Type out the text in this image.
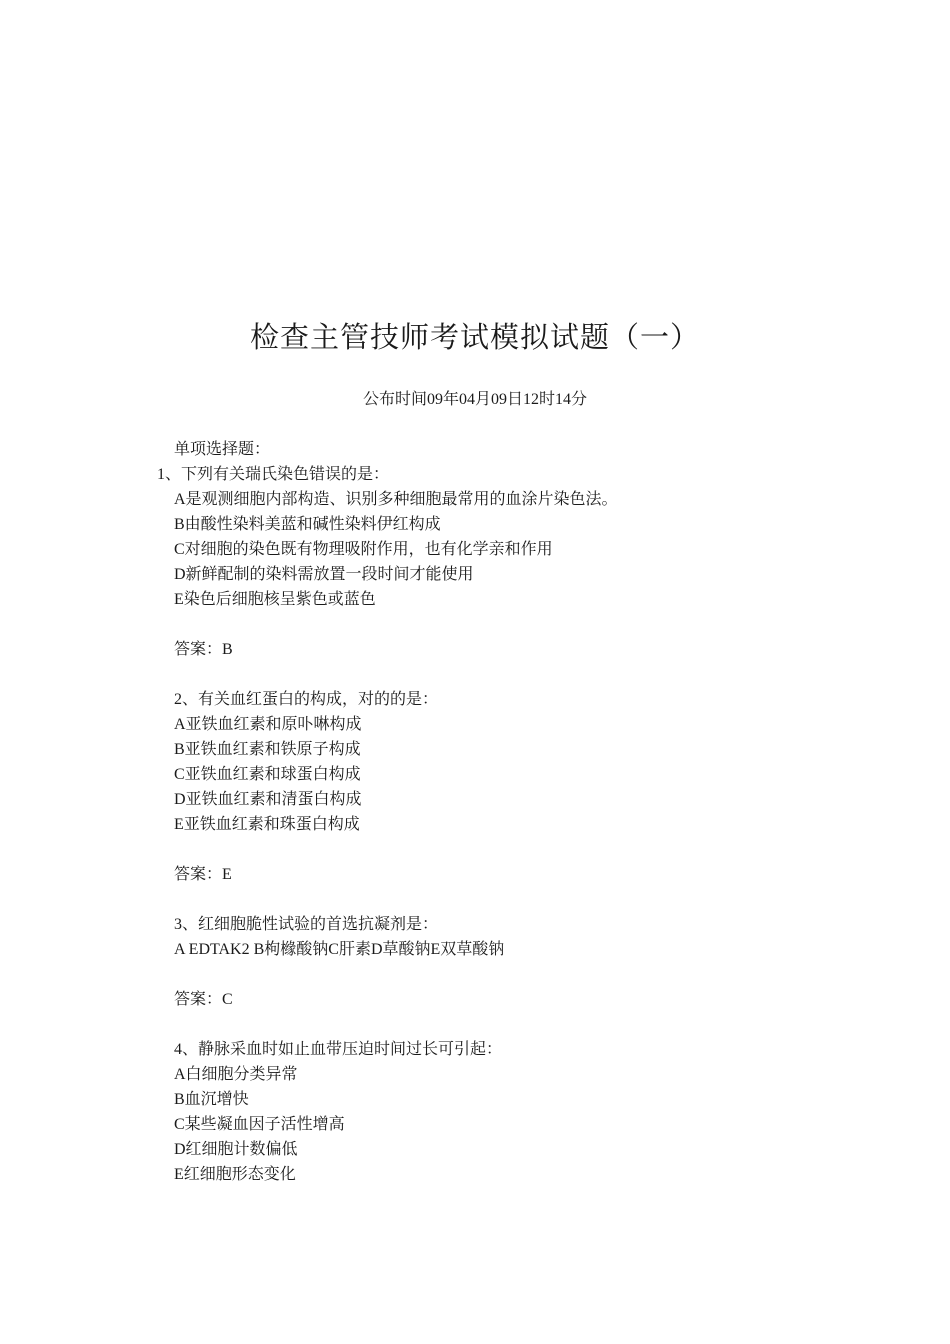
检查主管技师考试模拟试题（一）
公布时间09年04月09日12时14分
单项选择题：
1、下列有关瑞氏染色错误的是：
A是观测细胞内部构造、识别多种细胞最常用的血涂片染色法。
B由酸性染料美蓝和碱性染料伊红构成
C对细胞的染色既有物理吸附作用，也有化学亲和作用
D新鲜配制的染料需放置一段时间才能使用
E染色后细胞核呈紫色或蓝色
答案：B
2、有关血红蛋白的构成，对的的是：
A亚铁血红素和原卟啉构成
B亚铁血红素和铁原子构成
C亚铁血红素和球蛋白构成
D亚铁血红素和清蛋白构成
E亚铁血红素和珠蛋白构成
答案：E
3、红细胞脆性试验的首选抗凝剂是：
A EDTAK2 B枸橼酸钠C肝素D草酸钠E双草酸钠
答案：C
4、静脉采血时如止血带压迫时间过长可引起：
A白细胞分类异常
B血沉增快
C某些凝血因子活性增高
D红细胞计数偏低
E红细胞形态变化
